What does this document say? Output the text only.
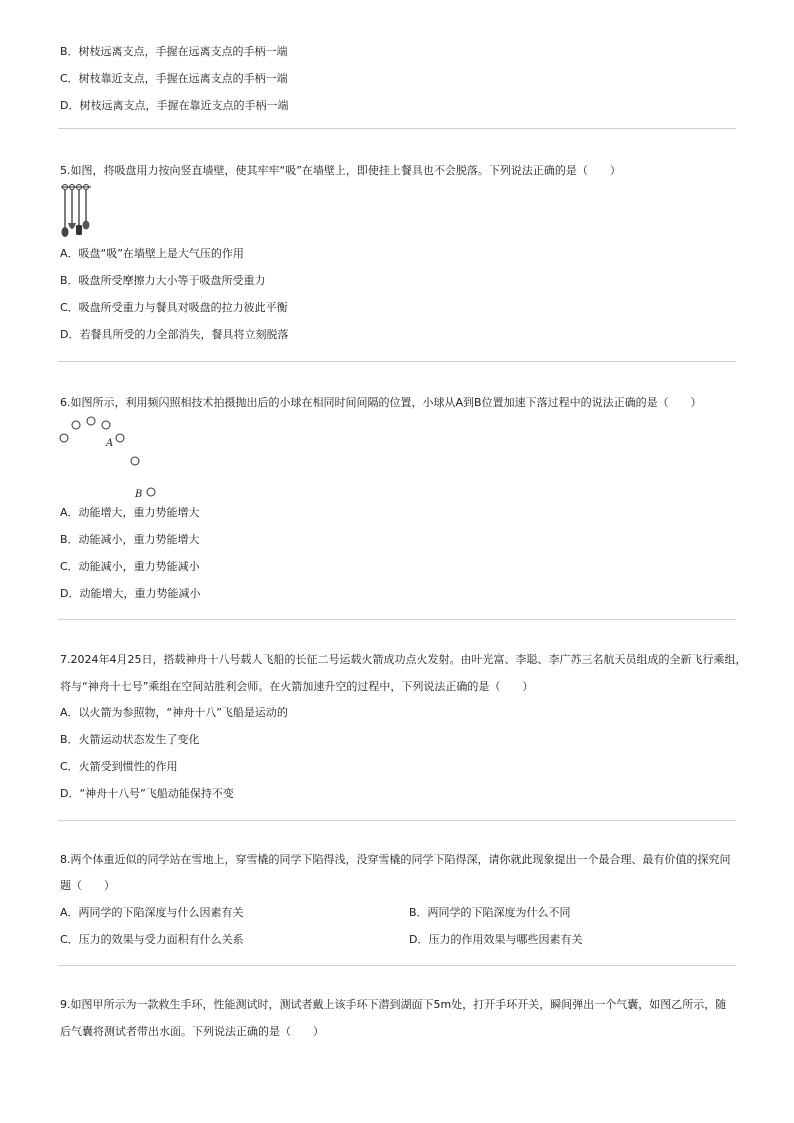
B．树枝远离支点，手握在远离支点的手柄一端
C．树枝靠近支点，手握在远离支点的手柄一端
D．树枝远离支点，手握在靠近支点的手柄一端
5.如图，将吸盘用力按向竖直墙壁，使其牢牢“吸”在墙壁上，即使挂上餐具也不会脱落。下列说法正确的是（　　）
A．吸盘“吸”在墙壁上是大气压的作用
B．吸盘所受摩擦力大小等于吸盘所受重力
C．吸盘所受重力与餐具对吸盘的拉力彼此平衡
D．若餐具所受的力全部消失，餐具将立刻脱落
6.如图所示，利用频闪照相技术拍摄抛出后的小球在相同时间间隔的位置，小球从A到B位置加速下落过程中的说法正确的是（　　）
A
B
A．动能增大，重力势能增大
B．动能减小，重力势能增大
C．动能减小，重力势能减小
D．动能增大，重力势能减小
7.2024年4月25日，搭载神舟十八号载人飞船的长征二号运载火箭成功点火发射。由叶光富、李聪、李广苏三名航天员组成的全新飞行乘组，
将与“神舟十七号”乘组在空间站胜利会师。在火箭加速升空的过程中，下列说法正确的是（　　）
A．以火箭为参照物，“神舟十八”飞船是运动的
B．火箭运动状态发生了变化
C．火箭受到惯性的作用
D．“神舟十八号”飞船动能保持不变
8.两个体重近似的同学站在雪地上，穿雪橇的同学下陷得浅，没穿雪橇的同学下陷得深，请你就此现象提出一个最合理、最有价值的探究问
题（　　）
A．两同学的下陷深度与什么因素有关	B．两同学的下陷深度为什么不同
C．压力的效果与受力面积有什么关系	D．压力的作用效果与哪些因素有关
9.如图甲所示为一款救生手环，性能测试时，测试者戴上该手环下潜到湖面下5m处，打开手环开关，瞬间弹出一个气囊，如图乙所示，随
后气囊将测试者带出水面。下列说法正确的是（　　）
